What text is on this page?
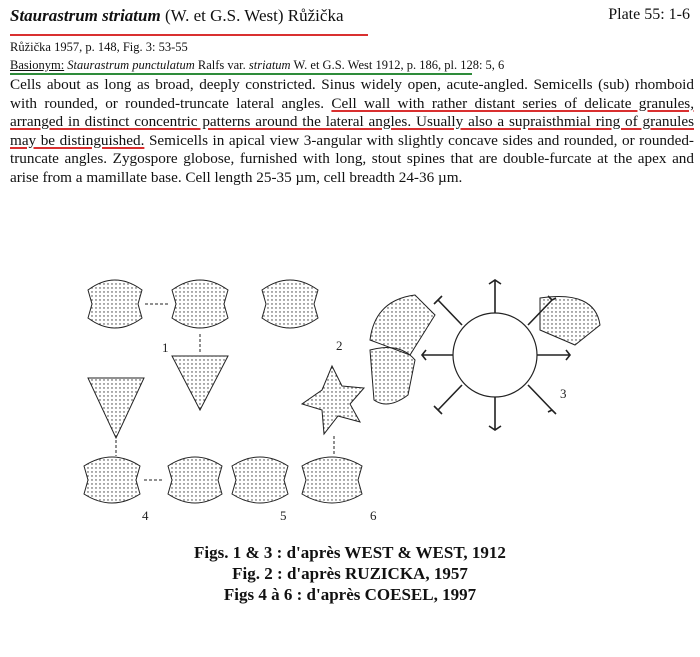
Staurastrum striatum (W. et G.S. West) Růžička	Plate 55: 1-6
Růžička 1957, p. 148, Fig. 3: 53-55
Basionym: Staurastrum punctulatum Ralfs var. striatum W. et G.S. West 1912, p. 186, pl. 128: 5, 6
Cells about as long as broad, deeply constricted. Sinus widely open, acute-angled. Semicells (sub) rhomboid with rounded, or rounded-truncate lateral angles. Cell wall with rather distant series of delicate granules, arranged in distinct concentric patterns around the lateral angles. Usually also a supraisthmial ring of granules may be distinguished. Semicells in apical view 3-angular with slightly concave sides and rounded, or rounded-truncate angles. Zygospore globose, furnished with long, stout spines that are double-furcate at the apex and arise from a mamillate base. Cell length 25-35 µm, cell breadth 24-36 µm.
1	2
3
4	5	6
Figs. 1 & 3 : d'après WEST & WEST, 1912
Fig. 2 : d'après RUZICKA, 1957
Figs 4 à 6 : d'après COESEL, 1997
